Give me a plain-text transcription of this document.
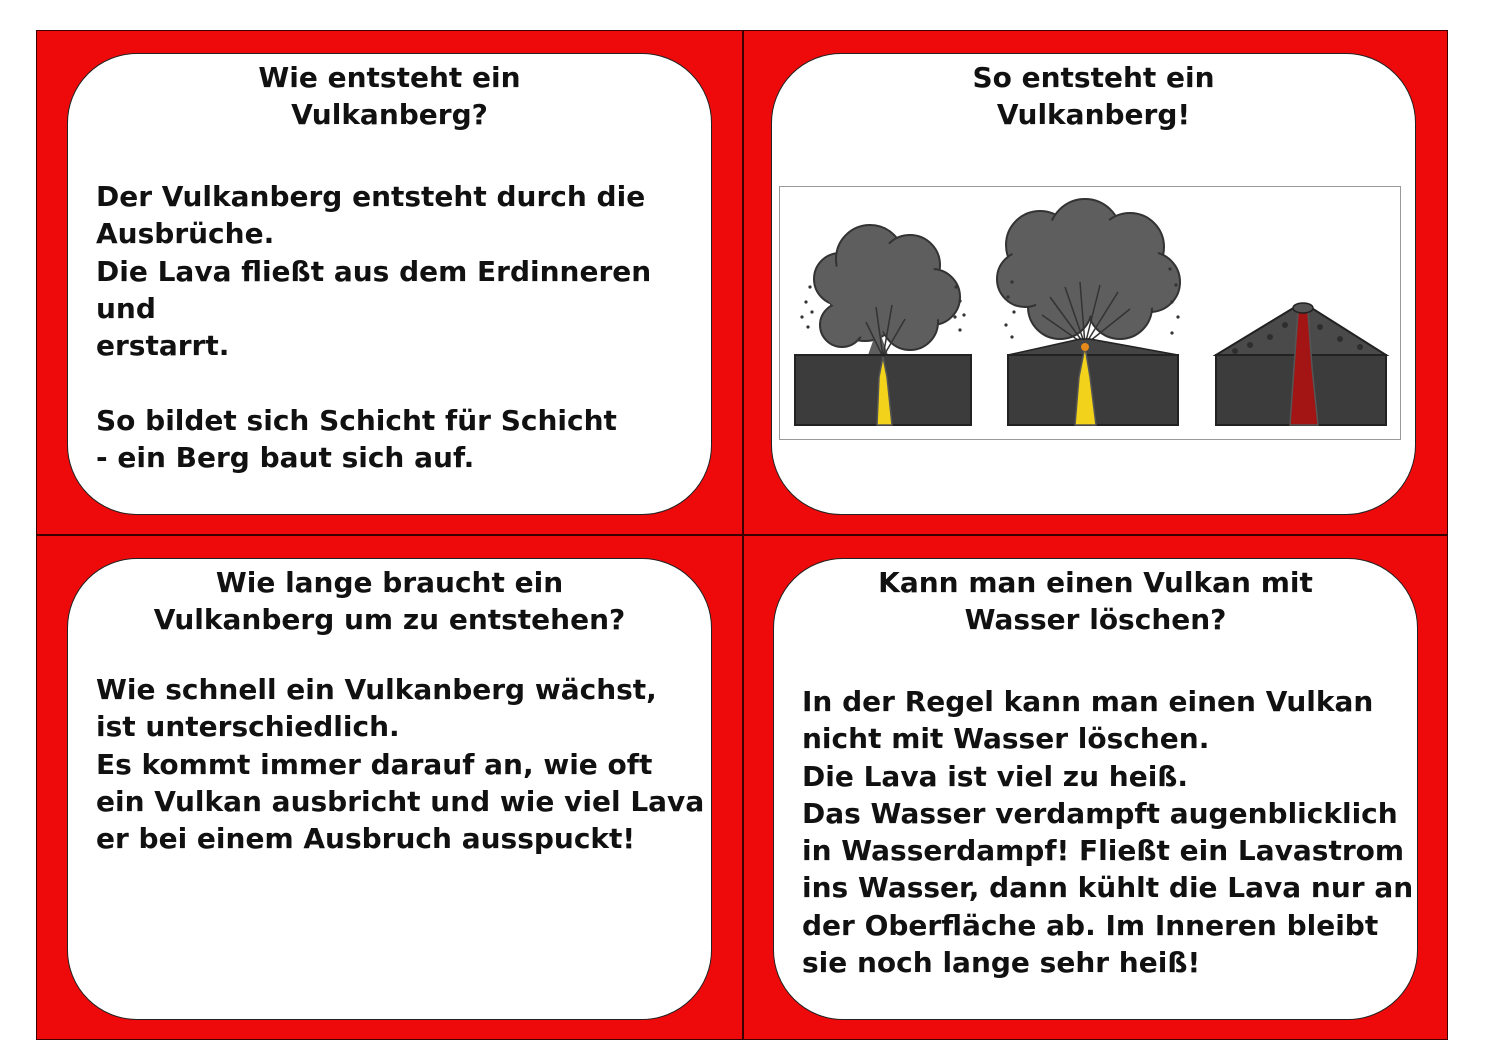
Wie entsteht ein
Vulkanberg?

Der Vulkanberg entsteht durch die
Ausbrüche.
Die Lava fließt aus dem Erdinneren und
erstarrt.

So bildet sich Schicht für Schicht
- ein Berg baut sich auf.

So entsteht ein
Vulkanberg!

Wie lange braucht ein
Vulkanberg um zu entstehen?

Wie schnell ein Vulkanberg wächst,
ist unterschiedlich.
Es kommt immer darauf an, wie oft
ein Vulkan ausbricht und wie viel Lava
er bei einem Ausbruch ausspuckt!

Kann man einen Vulkan mit
Wasser löschen?

In der Regel kann man einen Vulkan
nicht mit Wasser löschen.
Die Lava ist viel zu heiß.
Das Wasser verdampft augenblicklich
in Wasserdampf! Fließt ein Lavastrom
ins Wasser, dann kühlt die Lava nur an
der Oberfläche ab. Im Inneren bleibt
sie noch lange sehr heiß!
